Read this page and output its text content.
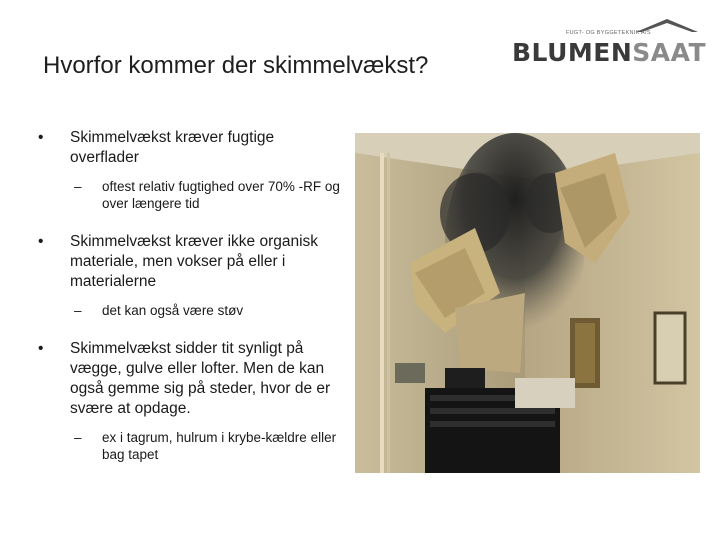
Hvorfor kommer der skimmelvækst?
FUGT- OG BYGGETEKNIK A/S
BLUMENSAAT
• Skimmelvækst kræver fugtige overflader
– oftest relativ fugtighed over 70% -RF og over længere tid
• Skimmelvækst kræver ikke organisk materiale, men vokser på eller i materialerne
– det kan også være støv
• Skimmelvækst sidder tit synligt på vægge, gulve eller lofter. Men de kan også gemme sig på steder, hvor de er svære at opdage.
– ex i tagrum, hulrum i krybe-kældre eller bag tapet
